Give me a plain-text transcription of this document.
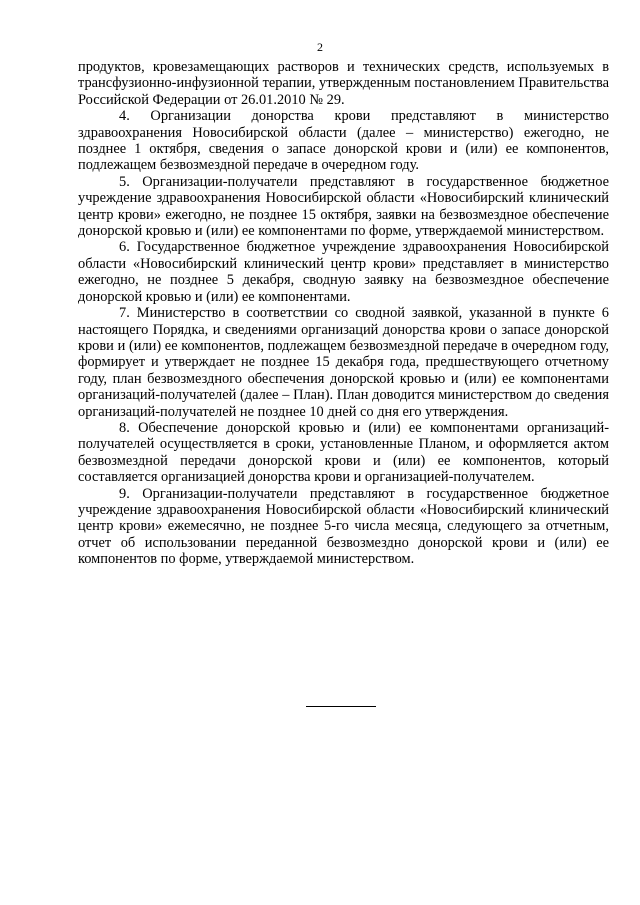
2

продуктов, кровезамещающих растворов и технических средств, используемых в трансфузионно-инфузионной терапии, утвержденным постановлением Правительства Российской Федерации от 26.01.2010 № 29.

4. Организации донорства крови представляют в министерство здравоохранения Новосибирской области (далее – министерство) ежегодно, не позднее 1 октября, сведения о запасе донорской крови и (или) ее компонентов, подлежащем безвозмездной передаче в очередном году.

5. Организации-получатели представляют в государственное бюджетное учреждение здравоохранения Новосибирской области «Новосибирский клинический центр крови» ежегодно, не позднее 15 октября, заявки на безвозмездное обеспечение донорской кровью и (или) ее компонентами по форме, утверждаемой министерством.

6. Государственное бюджетное учреждение здравоохранения Новосибирской области «Новосибирский клинический центр крови» представляет в министерство ежегодно, не позднее 5 декабря, сводную заявку на безвозмездное обеспечение донорской кровью и (или) ее компонентами.

7. Министерство в соответствии со сводной заявкой, указанной в пункте 6 настоящего Порядка, и сведениями организаций донорства крови о запасе донорской крови и (или) ее компонентов, подлежащем безвозмездной передаче в очередном году, формирует и утверждает не позднее 15 декабря года, предшествующего отчетному году, план безвозмездного обеспечения донорской кровью и (или) ее компонентами организаций-получателей (далее – План). План доводится министерством до сведения организаций-получателей не позднее 10 дней со дня его утверждения.

8. Обеспечение донорской кровью и (или) ее компонентами организаций-получателей осуществляется в сроки, установленные Планом, и оформляется актом безвозмездной передачи донорской крови и (или) ее компонентов, который составляется организацией донорства крови и организацией-получателем.

9. Организации-получатели представляют в государственное бюджетное учреждение здравоохранения Новосибирской области «Новосибирский клинический центр крови» ежемесячно, не позднее 5-го числа месяца, следующего за отчетным, отчет об использовании переданной безвозмездно донорской крови и (или) ее компонентов по форме, утверждаемой министерством.
